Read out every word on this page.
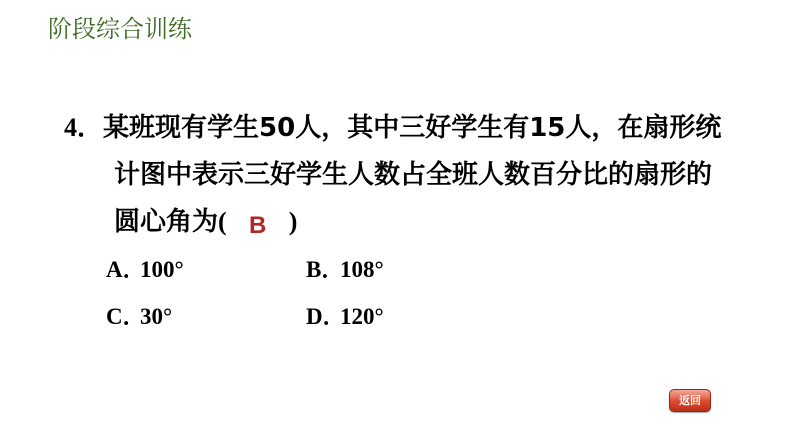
阶段综合训练
4．某班现有学生50人，其中三好学生有15人，在扇形统
计图中表示三好学生人数占全班人数百分比的扇形的
圆心角为( B )
A．100°	B．108°
C．30°	D．120°
返回
